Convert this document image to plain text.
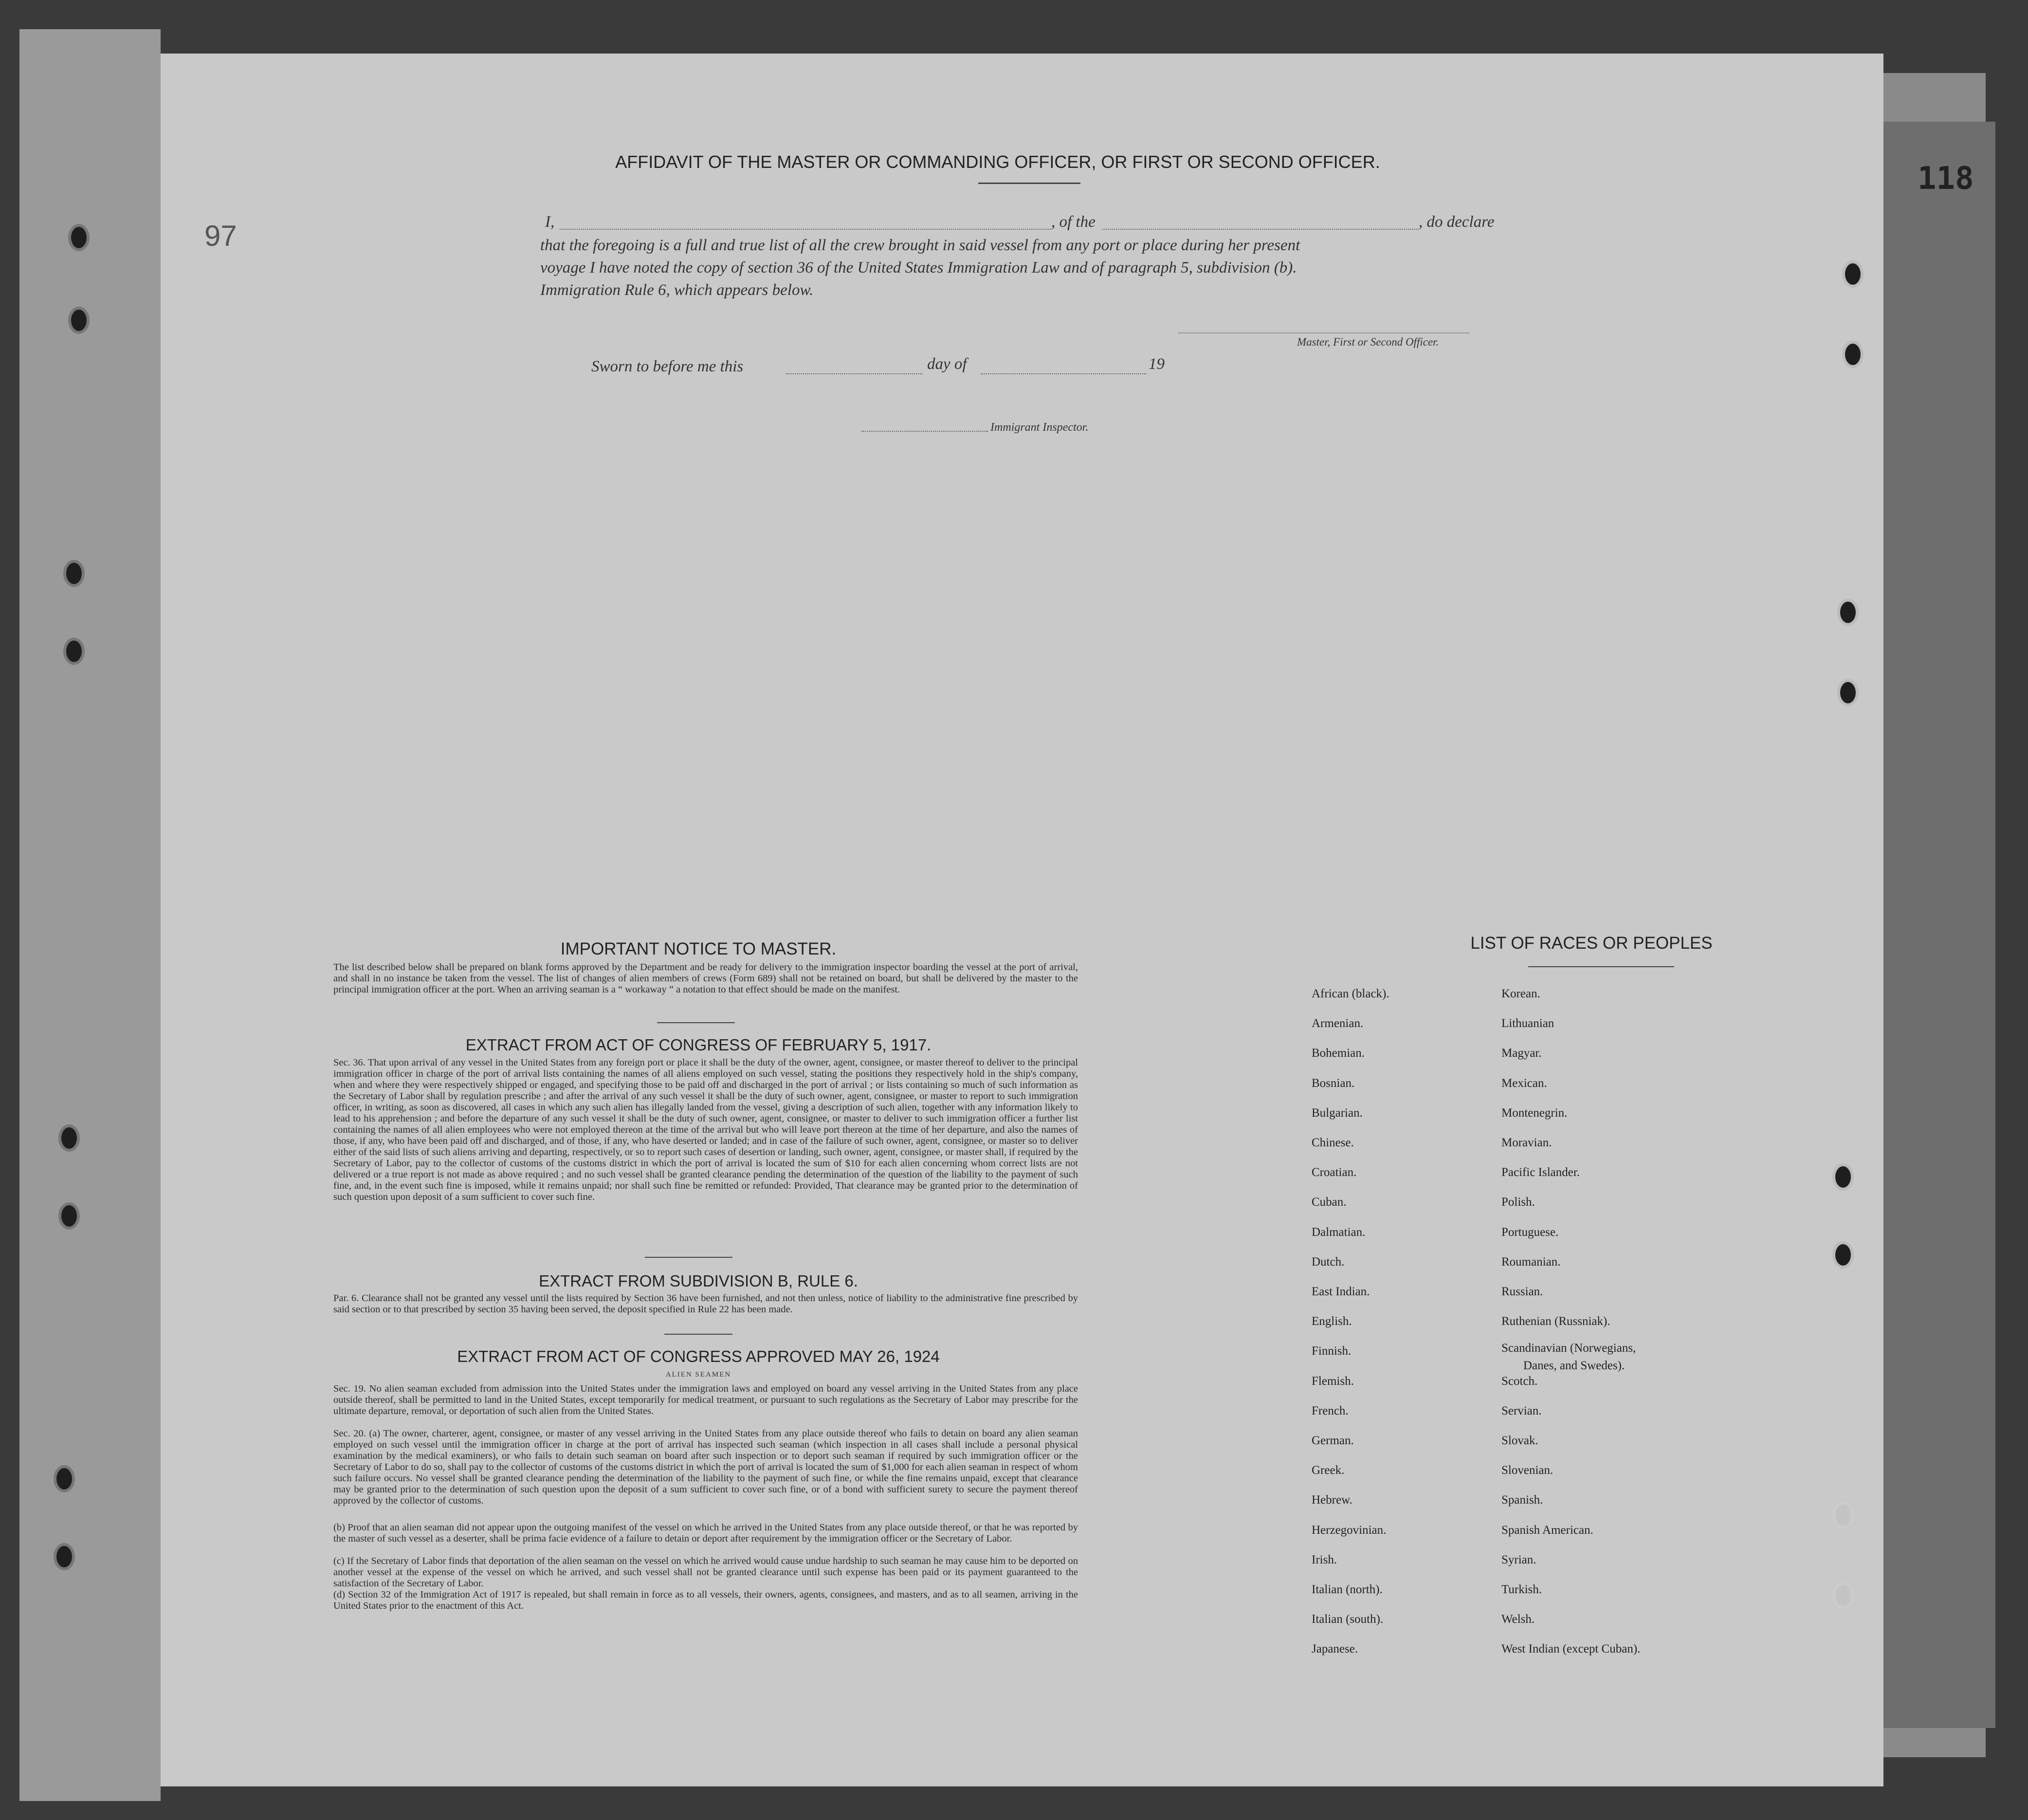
118
97
AFFIDAVIT OF THE MASTER OR COMMANDING OFFICER, OR FIRST OR SECOND OFFICER.
I,	, of the	, do declare
that the foregoing is a full and true list of all the crew brought in said vessel from any port or place during her present
voyage I have noted the copy of section 36 of the United States Immigration Law and of paragraph 5, subdivision (b).
Immigration Rule 6, which appears below.
Master, First or Second Officer.
Sworn to before me this	day of	19
Immigrant Inspector.
IMPORTANT NOTICE TO MASTER.
The list described below shall be prepared on blank forms approved by the Department and be ready for delivery to the immigration inspector boarding the vessel at the port of arrival, and shall in no instance be taken from the vessel. The list of changes of alien members of crews (Form 689) shall not be retained on board, but shall be delivered by the master to the principal immigration officer at the port. When an arriving seaman is a “ workaway ” a notation to that effect should be made on the manifest.
EXTRACT FROM ACT OF CONGRESS OF FEBRUARY 5, 1917.
Sec. 36. That upon arrival of any vessel in the United States from any foreign port or place it shall be the duty of the owner, agent, consignee, or master thereof to deliver to the principal immigration officer in charge of the port of arrival lists containing the names of all aliens employed on such vessel, stating the positions they respectively hold in the ship's company, when and where they were respectively shipped or engaged, and specifying those to be paid off and discharged in the port of arrival ; or lists containing so much of such information as the Secretary of Labor shall by regulation prescribe ; and after the arrival of any such vessel it shall be the duty of such owner, agent, consignee, or master to report to such immigration officer, in writing, as soon as discovered, all cases in which any such alien has illegally landed from the vessel, giving a description of such alien, together with any information likely to lead to his apprehension ; and before the departure of any such vessel it shall be the duty of such owner, agent, consignee, or master to deliver to such immigration officer a further list containing the names of all alien employees who were not employed thereon at the time of the arrival but who will leave port thereon at the time of her departure, and also the names of those, if any, who have been paid off and discharged, and of those, if any, who have deserted or landed; and in case of the failure of such owner, agent, consignee, or master so to deliver either of the said lists of such aliens arriving and departing, respectively, or so to report such cases of desertion or landing, such owner, agent, consignee, or master shall, if required by the Secretary of Labor, pay to the collector of customs of the customs district in which the port of arrival is located the sum of $10 for each alien concerning whom correct lists are not delivered or a true report is not made as above required ; and no such vessel shall be granted clearance pending the determination of the question of the liability to the payment of such fine, and, in the event such fine is imposed, while it remains unpaid; nor shall such fine be remitted or refunded: Provided, That clearance may be granted prior to the determination of such question upon deposit of a sum sufficient to cover such fine.
EXTRACT FROM SUBDIVISION B, RULE 6.
Par. 6. Clearance shall not be granted any vessel until the lists required by Section 36 have been furnished, and not then unless, notice of liability to the administrative fine prescribed by said section or to that prescribed by section 35 having been served, the deposit specified in Rule 22 has been made.
EXTRACT FROM ACT OF CONGRESS APPROVED MAY 26, 1924
ALIEN SEAMEN
Sec. 19. No alien seaman excluded from admission into the United States under the immigration laws and employed on board any vessel arriving in the United States from any place outside thereof, shall be permitted to land in the United States, except temporarily for medical treatment, or pursuant to such regulations as the Secretary of Labor may prescribe for the ultimate departure, removal, or deportation of such alien from the United States.
Sec. 20. (a) The owner, charterer, agent, consignee, or master of any vessel arriving in the United States from any place outside thereof who fails to detain on board any alien seaman employed on such vessel until the immigration officer in charge at the port of arrival has inspected such seaman (which inspection in all cases shall include a personal physical examination by the medical examiners), or who fails to detain such seaman on board after such inspection or to deport such seaman if required by such immigration officer or the Secretary of Labor to do so, shall pay to the collector of customs of the customs district in which the port of arrival is located the sum of $1,000 for each alien seaman in respect of whom such failure occurs. No vessel shall be granted clearance pending the determination of the liability to the payment of such fine, or while the fine remains unpaid, except that clearance may be granted prior to the determination of such question upon the deposit of a sum sufficient to cover such fine, or of a bond with sufficient surety to secure the payment thereof approved by the collector of customs.
(b) Proof that an alien seaman did not appear upon the outgoing manifest of the vessel on which he arrived in the United States from any place outside thereof, or that he was reported by the master of such vessel as a deserter, shall be prima facie evidence of a failure to detain or deport after requirement by the immigration officer or the Secretary of Labor.
(c) If the Secretary of Labor finds that deportation of the alien seaman on the vessel on which he arrived would cause undue hardship to such seaman he may cause him to be deported on another vessel at the expense of the vessel on which he arrived, and such vessel shall not be granted clearance until such expense has been paid or its payment guaranteed to the satisfaction of the Secretary of Labor.
(d) Section 32 of the Immigration Act of 1917 is repealed, but shall remain in force as to all vessels, their owners, agents, consignees, and masters, and as to all seamen, arriving in the United States prior to the enactment of this Act.
LIST OF RACES OR PEOPLES
African (black).
Armenian.
Bohemian.
Bosnian.
Bulgarian.
Chinese.
Croatian.
Cuban.
Dalmatian.
Dutch.
East Indian.
English.
Finnish.
Flemish.
French.
German.
Greek.
Hebrew.
Herzegovinian.
Irish.
Italian (north).
Italian (south).
Japanese.
Korean.
Lithuanian
Magyar.
Mexican.
Montenegrin.
Moravian.
Pacific Islander.
Polish.
Portuguese.
Roumanian.
Russian.
Ruthenian (Russniak).
Scandinavian (Norwegians,
Danes, and Swedes).
Scotch.
Servian.
Slovak.
Slovenian.
Spanish.
Spanish American.
Syrian.
Turkish.
Welsh.
West Indian (except Cuban).
